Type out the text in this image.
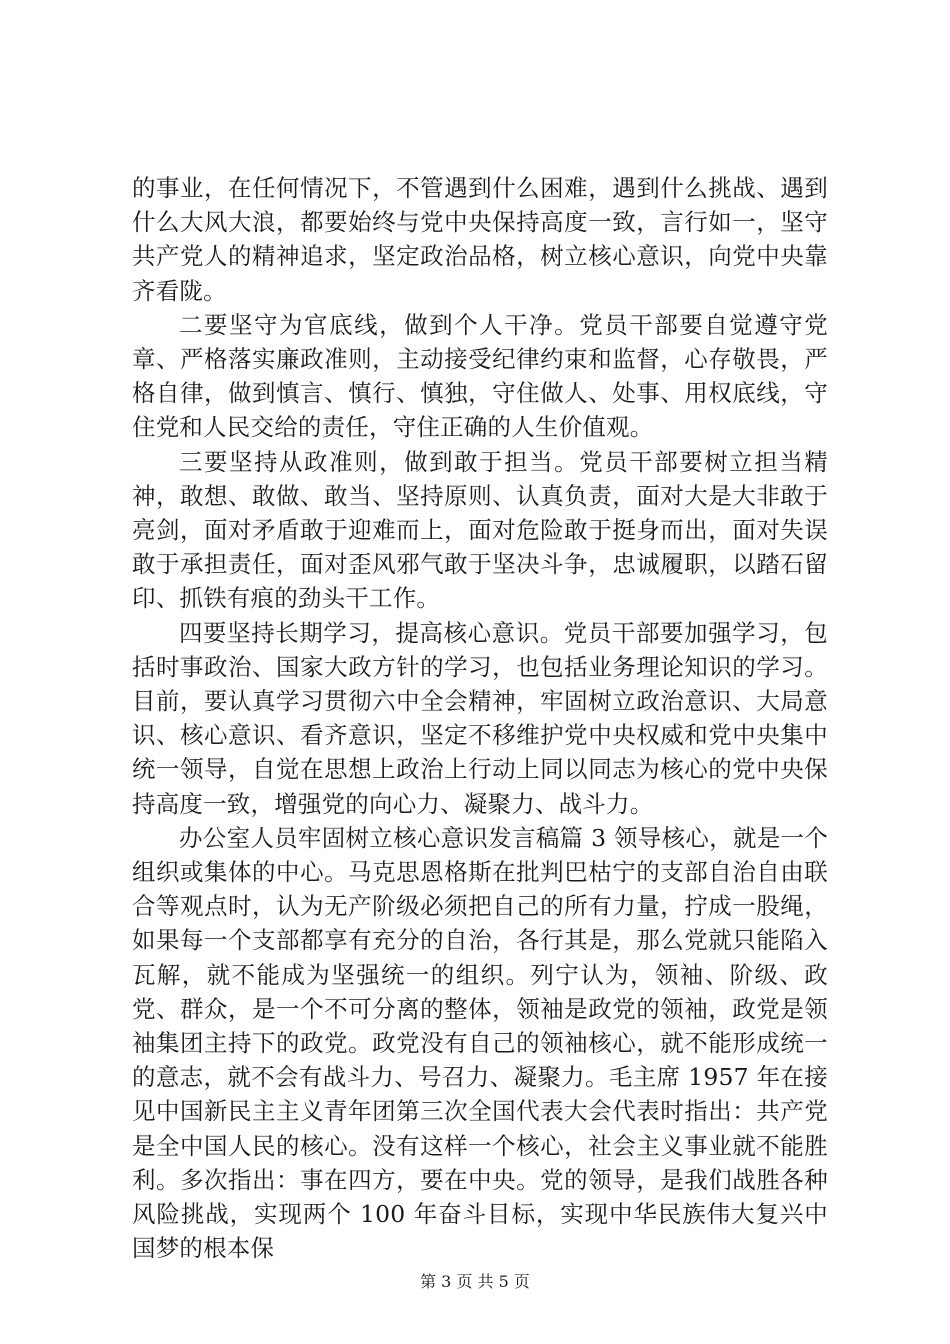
的事业，在任何情况下，不管遇到什么困难，遇到什么挑战、遇到什么大风大浪，都要始终与党中央保持高度一致，言行如一，坚守共产党人的精神追求，坚定政治品格，树立核心意识，向党中央靠齐看陇。

二要坚守为官底线，做到个人干净。党员干部要自觉遵守党章、严格落实廉政准则，主动接受纪律约束和监督，心存敬畏，严格自律，做到慎言、慎行、慎独，守住做人、处事、用权底线，守住党和人民交给的责任，守住正确的人生价值观。

三要坚持从政准则，做到敢于担当。党员干部要树立担当精神，敢想、敢做、敢当、坚持原则、认真负责，面对大是大非敢于亮剑，面对矛盾敢于迎难而上，面对危险敢于挺身而出，面对失误敢于承担责任，面对歪风邪气敢于坚决斗争，忠诚履职，以踏石留印、抓铁有痕的劲头干工作。

四要坚持长期学习，提高核心意识。党员干部要加强学习，包括时事政治、国家大政方针的学习，也包括业务理论知识的学习。目前，要认真学习贯彻六中全会精神，牢固树立政治意识、大局意识、核心意识、看齐意识，坚定不移维护党中央权威和党中央集中统一领导，自觉在思想上政治上行动上同以同志为核心的党中央保持高度一致，增强党的向心力、凝聚力、战斗力。

办公室人员牢固树立核心意识发言稿篇 3 领导核心，就是一个组织或集体的中心。马克思恩格斯在批判巴枯宁的支部自治自由联合等观点时，认为无产阶级必须把自己的所有力量，拧成一股绳，如果每一个支部都享有充分的自治，各行其是，那么党就只能陷入瓦解，就不能成为坚强统一的组织。列宁认为，领袖、阶级、政党、群众，是一个不可分离的整体，领袖是政党的领袖，政党是领袖集团主持下的政党。政党没有自己的领袖核心，就不能形成统一的意志，就不会有战斗力、号召力、凝聚力。毛主席 1957 年在接见中国新民主主义青年团第三次全国代表大会代表时指出：共产党是全中国人民的核心。没有这样一个核心，社会主义事业就不能胜利。多次指出：事在四方，要在中央。党的领导，是我们战胜各种风险挑战，实现两个 100 年奋斗目标，实现中华民族伟大复兴中国梦的根本保

第 3 页 共 5 页
